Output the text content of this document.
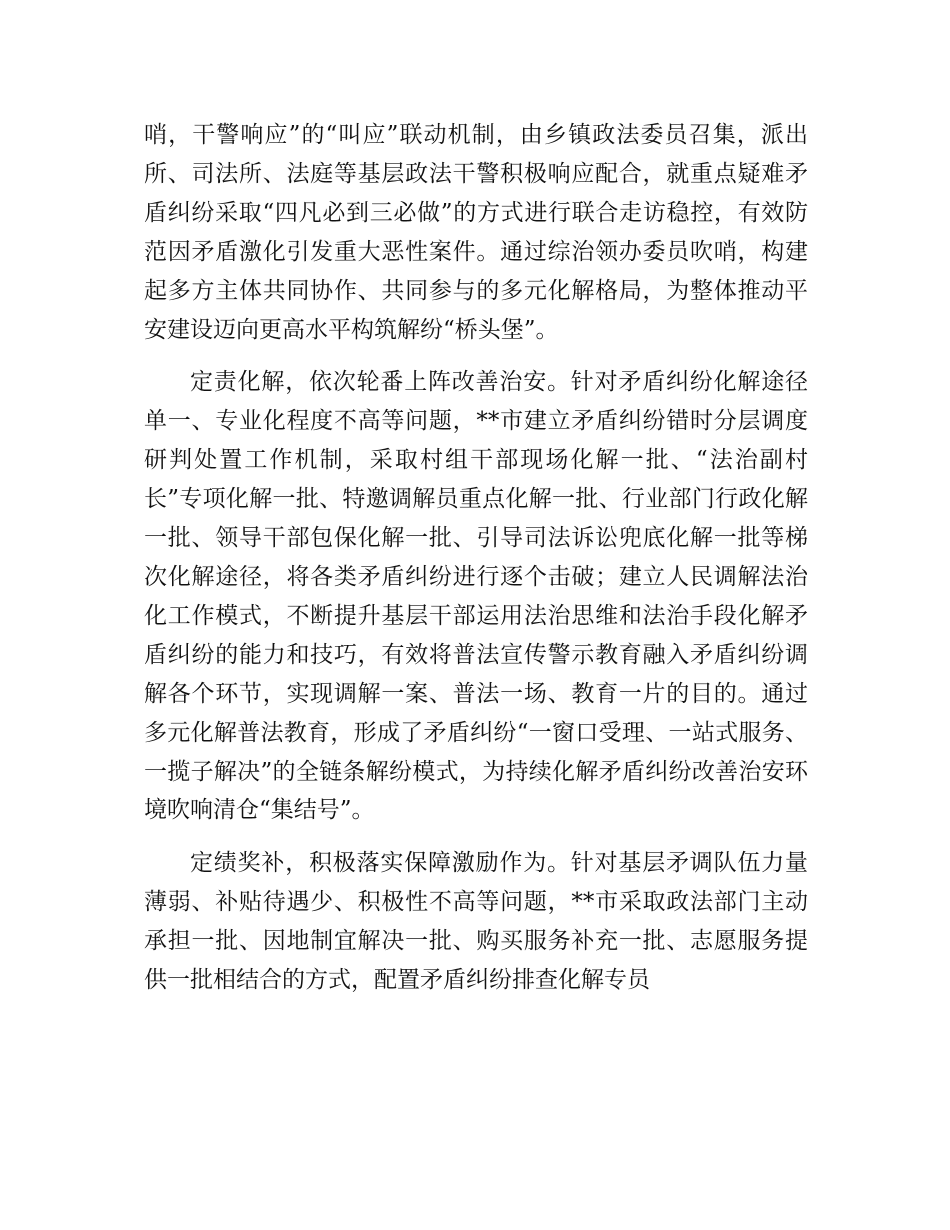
哨，干警响应”的“叫应”联动机制，由乡镇政法委员召集，派出所、司法所、法庭等基层政法干警积极响应配合，就重点疑难矛盾纠纷采取“四凡必到三必做”的方式进行联合走访稳控，有效防范因矛盾激化引发重大恶性案件。通过综治领办委员吹哨，构建起多方主体共同协作、共同参与的多元化解格局，为整体推动平安建设迈向更高水平构筑解纷“桥头堡”。

定责化解，依次轮番上阵改善治安。针对矛盾纠纷化解途径单一、专业化程度不高等问题，**市建立矛盾纠纷错时分层调度研判处置工作机制，采取村组干部现场化解一批、“法治副村长”专项化解一批、特邀调解员重点化解一批、行业部门行政化解一批、领导干部包保化解一批、引导司法诉讼兜底化解一批等梯次化解途径，将各类矛盾纠纷进行逐个击破；建立人民调解法治化工作模式，不断提升基层干部运用法治思维和法治手段化解矛盾纠纷的能力和技巧，有效将普法宣传警示教育融入矛盾纠纷调解各个环节，实现调解一案、普法一场、教育一片的目的。通过多元化解普法教育，形成了矛盾纠纷“一窗口受理、一站式服务、一揽子解决”的全链条解纷模式，为持续化解矛盾纠纷改善治安环境吹响清仓“集结号”。

定绩奖补，积极落实保障激励作为。针对基层矛调队伍力量薄弱、补贴待遇少、积极性不高等问题，**市采取政法部门主动承担一批、因地制宜解决一批、购买服务补充一批、志愿服务提供一批相结合的方式，配置矛盾纠纷排查化解专员
